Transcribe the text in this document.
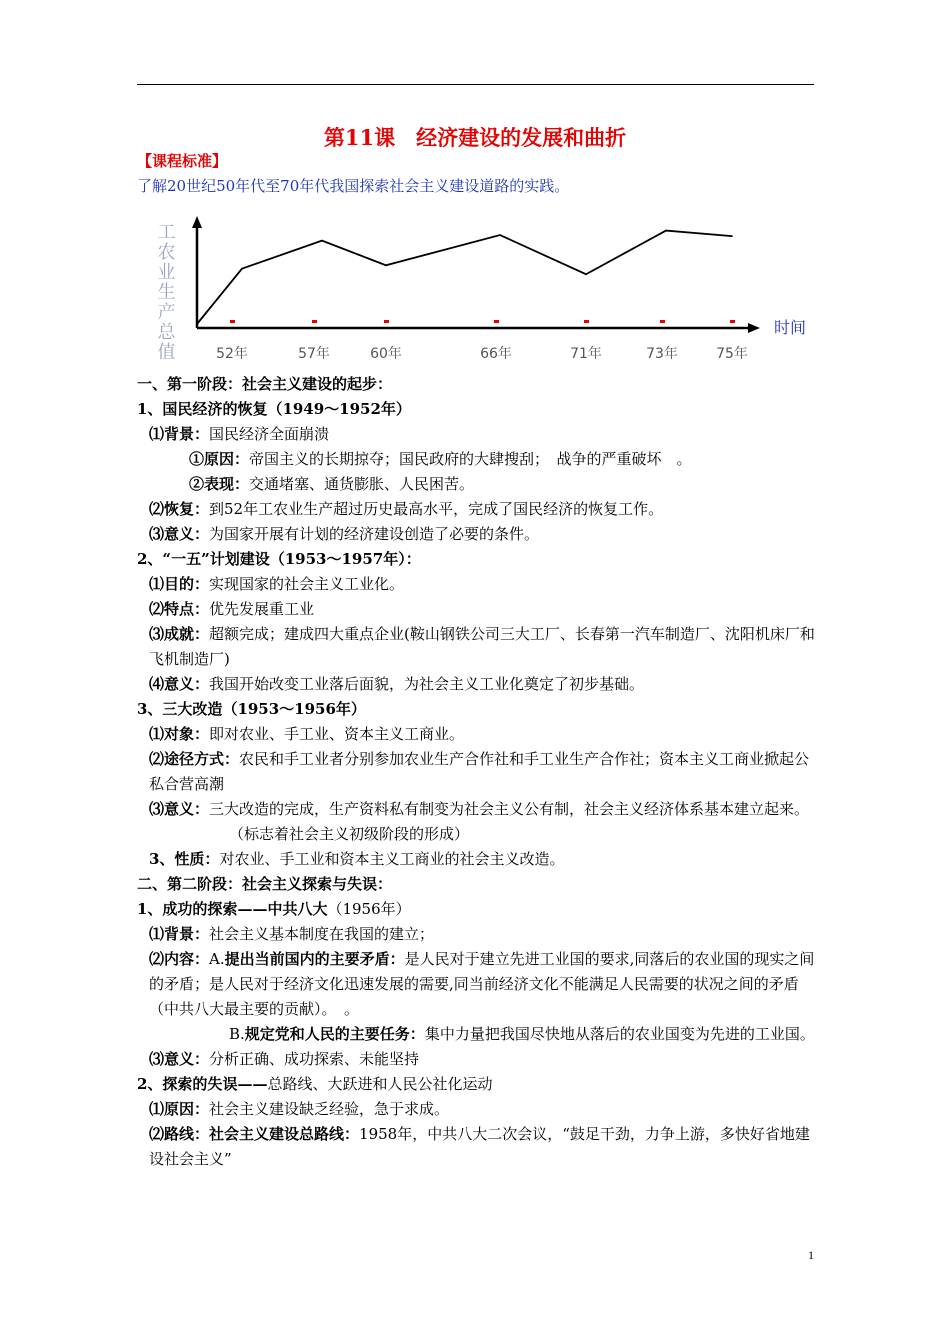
第11课　经济建设的发展和曲折
【课程标准】
了解20世纪50年代至70年代我国探索社会主义建设道路的实践。
工农业生产总值	时间
52年	57年	60年	66年	71年	73年	75年

一、第一阶段：社会主义建设的起步：

1、国民经济的恢复（1949～1952年）

⑴背景：国民经济全面崩溃

①原因：帝国主义的长期掠夺；国民政府的大肆搜刮；　战争的严重破坏　。

②表现：交通堵塞、通货膨胀、人民困苦。

⑵恢复：到52年工农业生产超过历史最高水平，完成了国民经济的恢复工作。

⑶意义：为国家开展有计划的经济建设创造了必要的条件。

2、“一五”计划建设（1953～1957年）：

⑴目的：实现国家的社会主义工业化。

⑵特点：优先发展重工业

⑶成就：超额完成；建成四大重点企业(鞍山钢铁公司三大工厂、长春第一汽车制造厂、沈阳机床厂和飞机制造厂)

⑷意义：我国开始改变工业落后面貌，为社会主义工业化奠定了初步基础。

3、三大改造（1953～1956年）

⑴对象：即对农业、手工业、资本主义工商业。

⑵途径方式：农民和手工业者分别参加农业生产合作社和手工业生产合作社；资本主义工商业掀起公私合营高潮

⑶意义：三大改造的完成，生产资料私有制变为社会主义公有制，社会主义经济体系基本建立起来。

（标志着社会主义初级阶段的形成）

3、性质：对农业、手工业和资本主义工商业的社会主义改造。

二、第二阶段：社会主义探索与失误：

1、成功的探索——中共八大（1956年）

⑴背景：社会主义基本制度在我国的建立；

⑵内容：A.提出当前国内的主要矛盾：是人民对于建立先进工业国的要求,同落后的农业国的现实之间的矛盾；是人民对于经济文化迅速发展的需要,同当前经济文化不能满足人民需要的状况之间的矛盾（中共八大最主要的贡献）。　。

B.规定党和人民的主要任务：集中力量把我国尽快地从落后的农业国变为先进的工业国。

⑶意义：分析正确、成功探索、未能坚持

2、探索的失误——总路线、大跃进和人民公社化运动

⑴原因：社会主义建设缺乏经验，急于求成。

⑵路线：社会主义建设总路线：1958年，中共八大二次会议，“鼓足干劲，力争上游，多快好省地建设社会主义”

1
